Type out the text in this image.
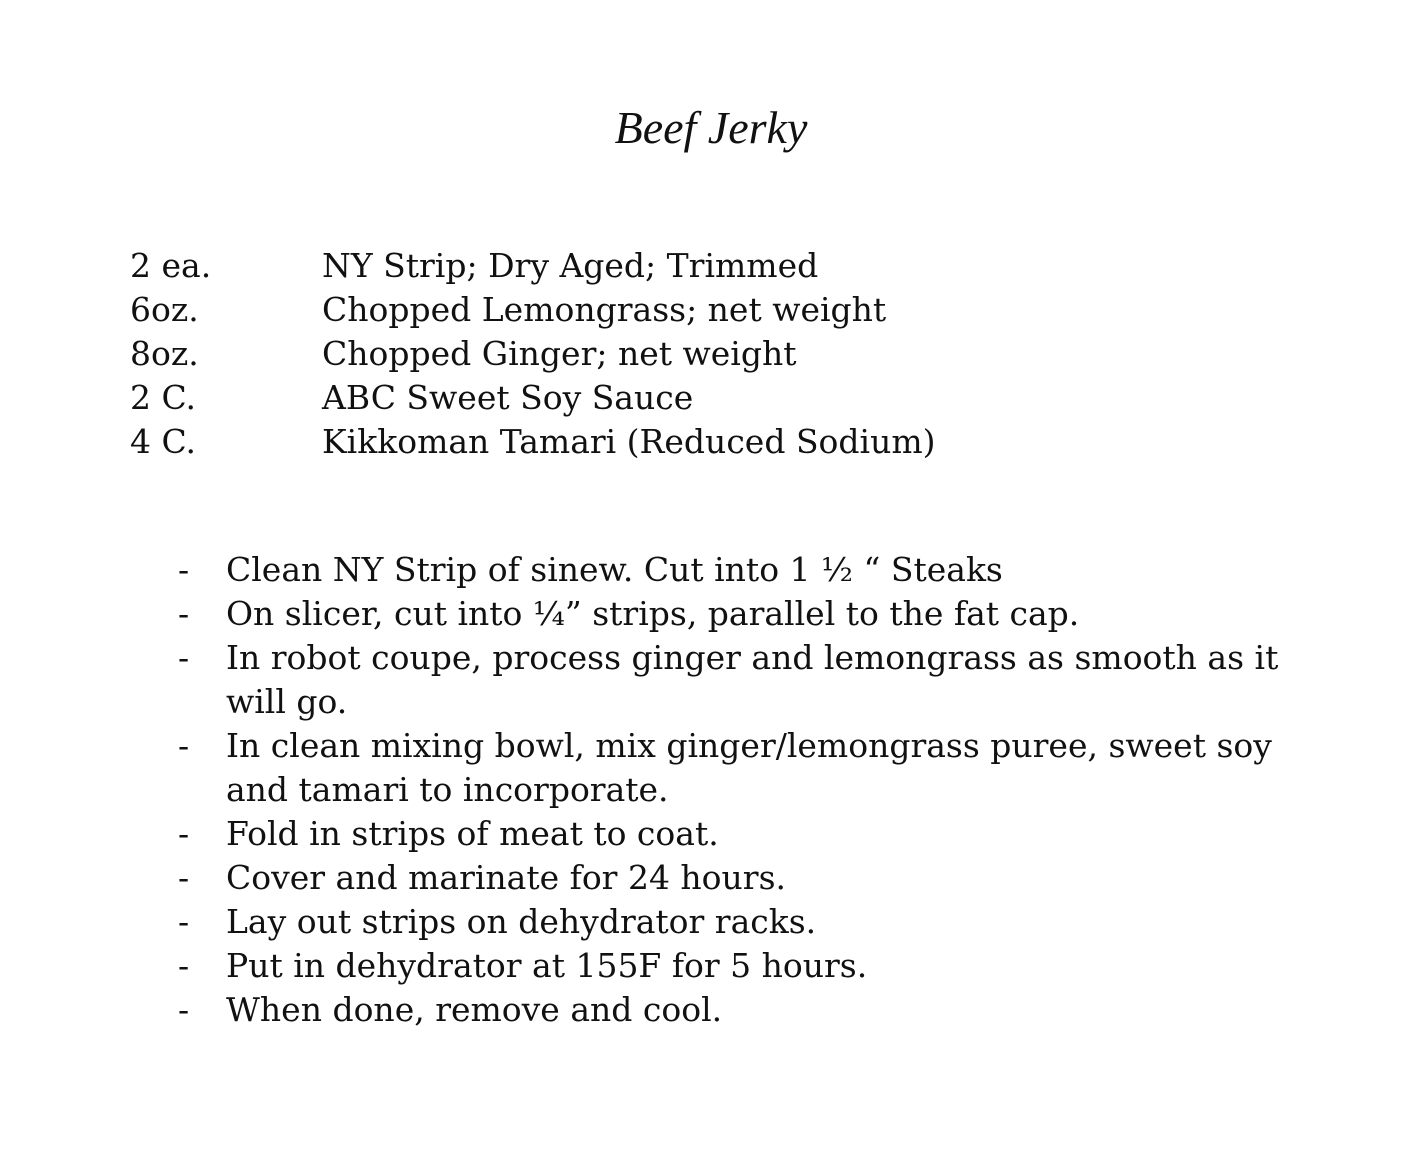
Beef Jerky
2 ea.	NY Strip; Dry Aged; Trimmed
6oz.	Chopped Lemongrass; net weight
8oz.	Chopped Ginger; net weight
2 C.	ABC Sweet Soy Sauce
4 C.	Kikkoman Tamari (Reduced Sodium)
-	Clean NY Strip of sinew. Cut into 1 ½ “ Steaks
-	On slicer, cut into ¼” strips, parallel to the fat cap.
-	In robot coupe, process ginger and lemongrass as smooth as it will go.
-	In clean mixing bowl, mix ginger/lemongrass puree, sweet soy and tamari to incorporate.
-	Fold in strips of meat to coat.
-	Cover and marinate for 24 hours.
-	Lay out strips on dehydrator racks.
-	Put in dehydrator at 155F for 5 hours.
-	When done, remove and cool.
